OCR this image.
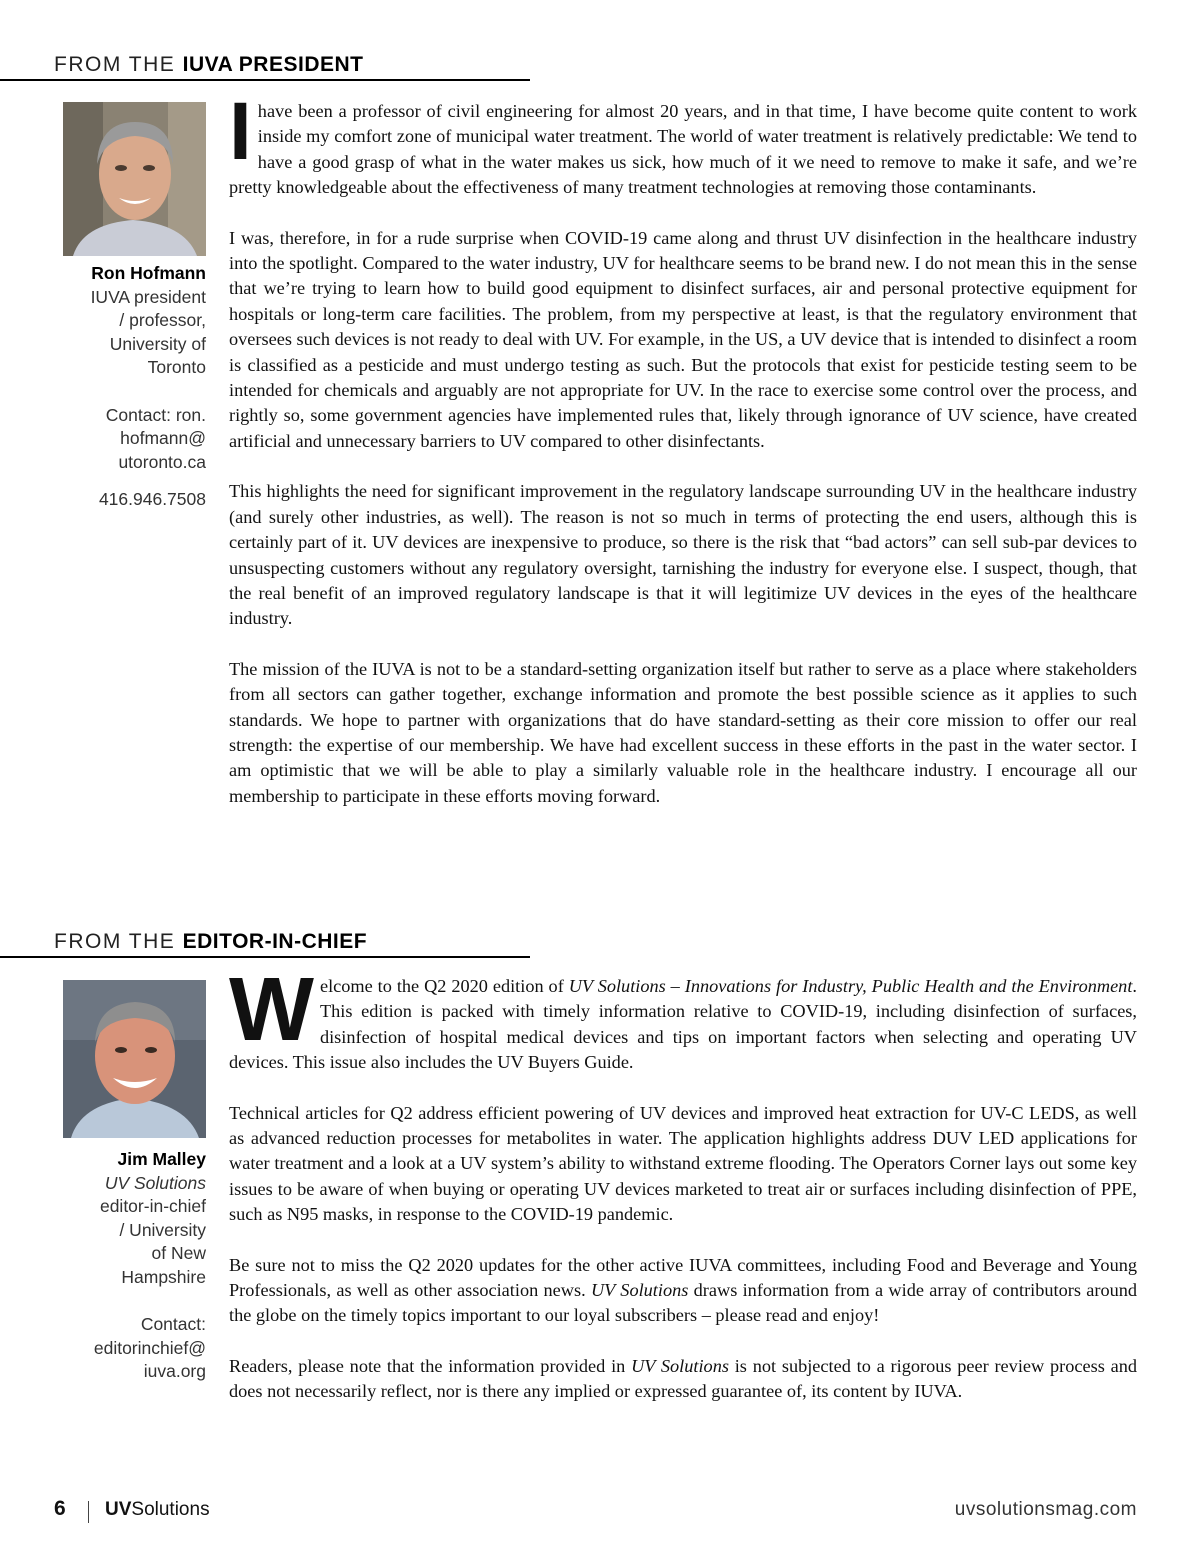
FROM THE IUVA PRESIDENT
Ron Hofmann
IUVA president
/ professor,
University of
Toronto
Contact: ron.
hofmann@
utoronto.ca
416.946.7508

Ihave been a professor of civil engineering for almost 20 years, and in that time, I have become quite content to work inside my comfort zone of municipal water treatment. The world of water treatment is relatively predictable: We tend to have a good grasp of what in the water makes us sick, how much of it we need to remove to make it safe, and we’re pretty knowledgeable about the effectiveness of many treatment technologies at removing those contaminants.

I was, therefore, in for a rude surprise when COVID-19 came along and thrust UV disinfection in the healthcare industry into the spotlight. Compared to the water industry, UV for healthcare seems to be brand new. I do not mean this in the sense that we’re trying to learn how to build good equipment to disinfect surfaces, air and personal protective equipment for hospitals or long-term care facilities. The problem, from my perspective at least, is that the regulatory environment that oversees such devices is not ready to deal with UV. For example, in the US, a UV device that is intended to disinfect a room is classified as a pesticide and must undergo testing as such. But the protocols that exist for pesticide testing seem to be intended for chemicals and arguably are not appropriate for UV. In the race to exercise some control over the process, and rightly so, some government agencies have implemented rules that, likely through ignorance of UV science, have created artificial and unnecessary barriers to UV compared to other disinfectants.

This highlights the need for significant improvement in the regulatory landscape surrounding UV in the healthcare industry (and surely other industries, as well). The reason is not so much in terms of protecting the end users, although this is certainly part of it. UV devices are inexpensive to produce, so there is the risk that “bad actors” can sell sub-par devices to unsuspecting customers without any regulatory oversight, tarnishing the industry for everyone else. I suspect, though, that the real benefit of an improved regulatory landscape is that it will legitimize UV devices in the eyes of the healthcare industry.

The mission of the IUVA is not to be a standard-setting organization itself but rather to serve as a place where stakeholders from all sectors can gather together, exchange information and promote the best possible science as it applies to such standards. We hope to partner with organizations that do have standard-setting as their core mission to offer our real strength: the expertise of our membership. We have had excellent success in these efforts in the past in the water sector. I am optimistic that we will be able to play a similarly valuable role in the healthcare industry. I encourage all our membership to participate in these efforts moving forward.

FROM THE EDITOR-IN-CHIEF
Jim Malley
UV Solutions
editor-in-chief
/ University
of New
Hampshire
Contact:
editorinchief@
iuva.org

Welcome to the Q2 2020 edition of UV Solutions – Innovations for Industry, Public Health and the Environment. This edition is packed with timely information relative to COVID-19, including disinfection of surfaces, disinfection of hospital medical devices and tips on important factors when selecting and operating UV devices. This issue also includes the UV Buyers Guide.

Technical articles for Q2 address efficient powering of UV devices and improved heat extraction for UV-C LEDS, as well as advanced reduction processes for metabolites in water. The application highlights address DUV LED applications for water treatment and a look at a UV system’s ability to withstand extreme flooding. The Operators Corner lays out some key issues to be aware of when buying or operating UV devices marketed to treat air or surfaces including disinfection of PPE, such as N95 masks, in response to the COVID-19 pandemic.

Be sure not to miss the Q2 2020 updates for the other active IUVA committees, including Food and Beverage and Young Professionals, as well as other association news. UV Solutions draws information from a wide array of contributors around the globe on the timely topics important to our loyal subscribers – please read and enjoy!

Readers, please note that the information provided in UV Solutions is not subjected to a rigorous peer review process and does not necessarily reflect, nor is there any implied or expressed guarantee of, its content by IUVA.

6 UVSolutions	uvsolutionsmag.com
